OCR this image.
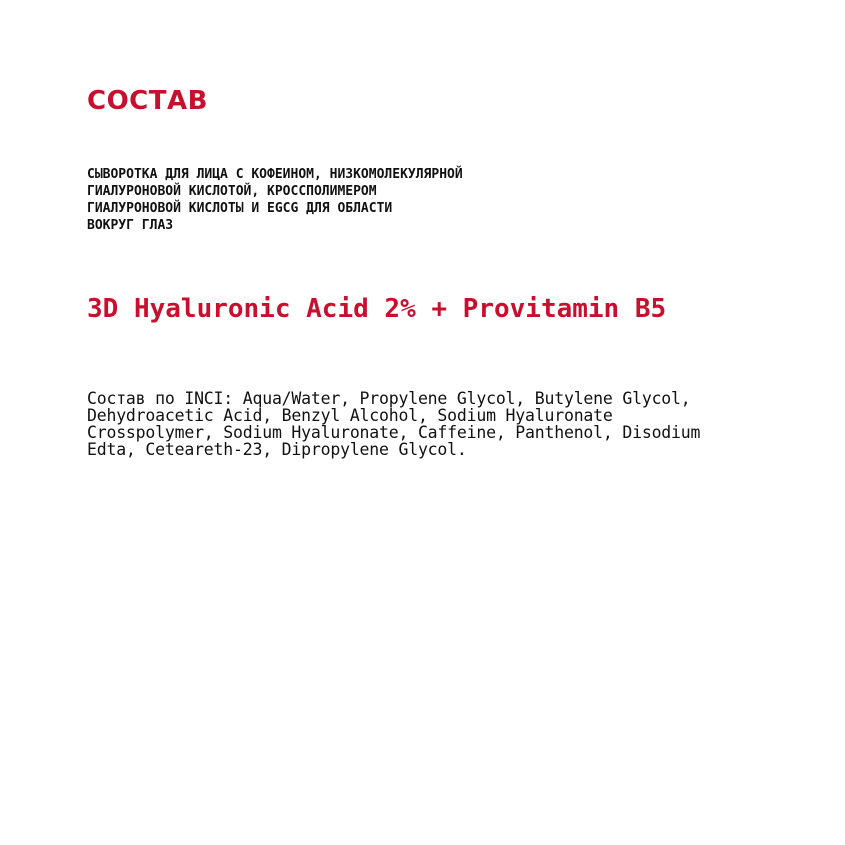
СОСТАВ
СЫВОРОТКА ДЛЯ ЛИЦА С КОФЕИНОМ, НИЗКОМОЛЕКУЛЯРНОЙ
ГИАЛУРОНОВОЙ КИСЛОТОЙ, КРОССПОЛИМЕРОМ
ГИАЛУРОНОВОЙ КИСЛОТЫ И EGCG ДЛЯ ОБЛАСТИ
ВОКРУГ ГЛАЗ
3D Hyaluronic Acid 2% + Provitamin B5
Состав по INCI: Aqua/Water, Propylene Glycol, Butylene Glycol,
Dehydroacetic Acid, Benzyl Alcohol, Sodium Hyaluronate
Crosspolymer, Sodium Hyaluronate, Caffeine, Panthenol, Disodium
Edta, Ceteareth-23, Dipropylene Glycol.
